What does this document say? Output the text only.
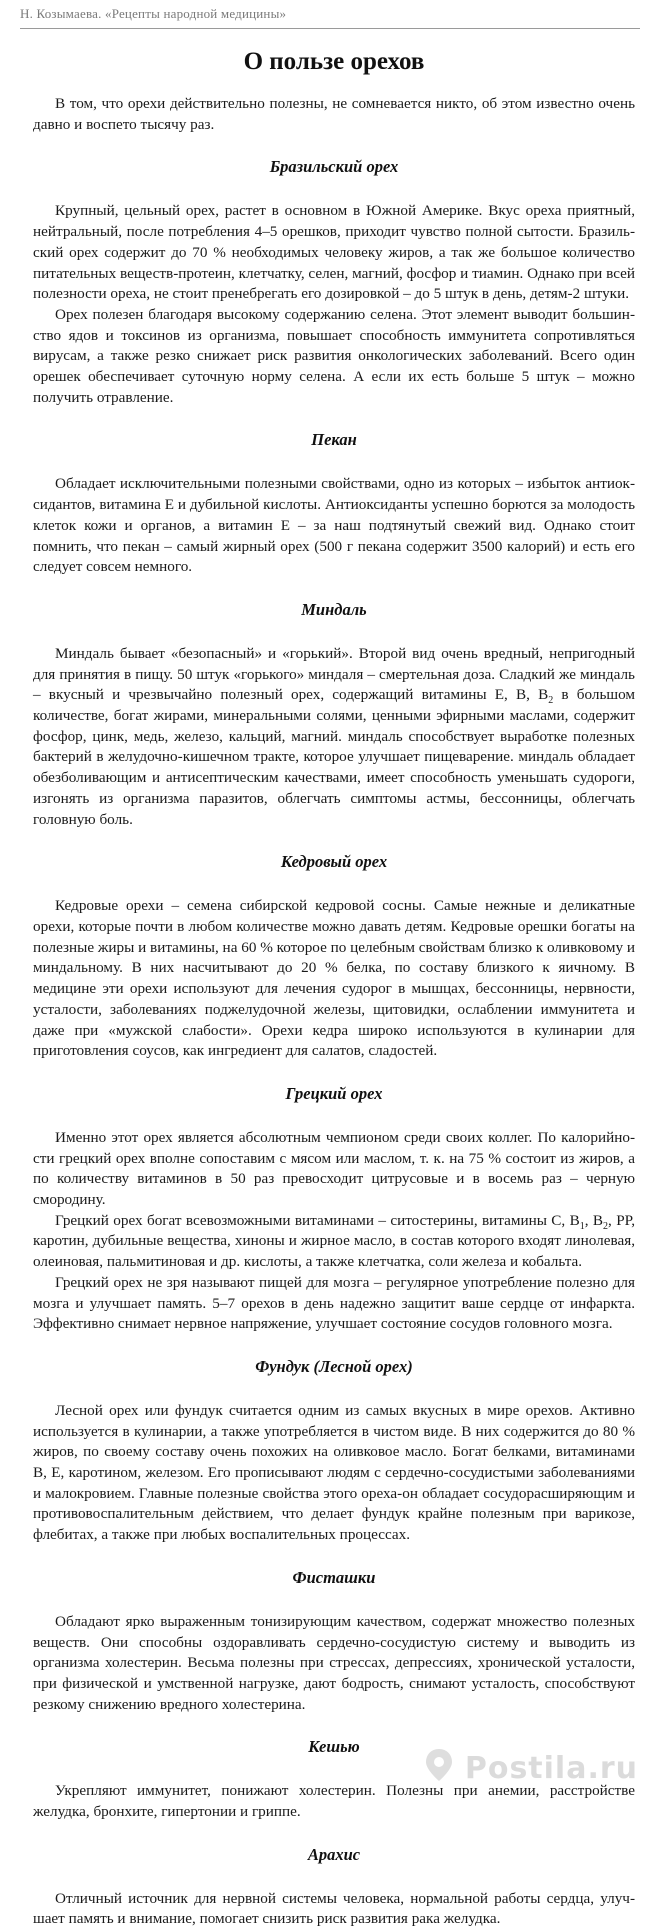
Н. Козымаева. «Рецепты народной медицины»
О пользе орехов

В том, что орехи действительно полезны, не сомневается никто, об этом известно очень давно и воспето тысячу раз.

Бразильский орех

Крупный, цельный орех, растет в основном в Южной Америке. Вкус ореха приятный, нейтральный, после потребления 4–5 орешков, приходит чувство полной сытости. Бразильский орех содержит до 70 % необходимых человеку жиров, а так же большое количество питательных веществ-протеин, клетчатку, селен, магний, фосфор и тиамин. Однако при всей полезности ореха, не стоит пренебрегать его дозировкой – до 5 штук в день, детям-2 штуки.

Орех полезен благодаря высокому содержанию селена. Этот элемент выводит большинство ядов и токсинов из организма, повышает способность иммунитета сопротивляться вирусам, а также резко снижает риск развития онкологических заболеваний. Всего один орешек обеспечивает суточную норму селена. А если их есть больше 5 штук – можно получить отравление.

Пекан

Обладает исключительными полезными свойствами, одно из которых – избыток антиоксидантов, витамина Е и дубильной кислоты. Антиоксиданты успешно борются за молодость клеток кожи и органов, а витамин Е – за наш подтянутый свежий вид. Однако стоит помнить, что пекан – самый жирный орех (500 г пекана содержит 3500 калорий) и есть его следует совсем немного.

Миндаль

Миндаль бывает «безопасный» и «горький». Второй вид очень вредный, непригодный для принятия в пищу. 50 штук «горького» миндаля – смертельная доза. Сладкий же миндаль – вкусный и чрезвычайно полезный орех, содержащий витамины Е, В, $В_2$ в большом количестве, богат жирами, минеральными солями, ценными эфирными маслами, содержит фосфор, цинк, медь, железо, кальций, магний. миндаль способствует выработке полезных бактерий в желудочно-кишечном тракте, которое улучшает пищеварение. миндаль обладает обезболивающим и антисептическим качествами, имеет способность уменьшать судороги, изгонять из организма паразитов, облегчать симптомы астмы, бессонницы, облегчать головную боль.

Кедровый орех

Кедровые орехи – семена сибирской кедровой сосны. Самые нежные и деликатные орехи, которые почти в любом количестве можно давать детям. Кедровые орешки богаты на полезные жиры и витамины, на 60 % которое по целебным свойствам близко к оливковому и миндальному. В них насчитывают до 20 % белка, по составу близкого к яичному. В медицине эти орехи используют для лечения судорог в мышцах, бессонницы, нервности, усталости, заболеваниях поджелудочной железы, щитовидки, ослаблении иммунитета и даже при «мужской слабости». Орехи кедра широко используются в кулинарии для приготовления соусов, как ингредиент для салатов, сладостей.

Грецкий орех

Именно этот орех является абсолютным чемпионом среди своих коллег. По калорийности грецкий орех вполне сопоставим с мясом или маслом, т. к. на 75 % состоит из жиров, а по количеству витаминов в 50 раз превосходит цитрусовые и в восемь раз – черную смородину.

Грецкий орех богат всевозможными витаминами – ситостерины, витамины С, $В_1$, $В_2$, РР, каротин, дубильные вещества, хиноны и жирное масло, в состав которого входят линолевая, олеиновая, пальмитиновая и др. кислоты, а также клетчатка, соли железа и кобальта.

Грецкий орех не зря называют пищей для мозга – регулярное употребление полезно для мозга и улучшает память. 5–7 орехов в день надежно защитит ваше сердце от инфаркта. Эффективно снимает нервное напряжение, улучшает состояние сосудов головного мозга.

Фундук (Лесной орех)

Лесной орех или фундук считается одним из самых вкусных в мире орехов. Активно используется в кулинарии, а также употребляется в чистом виде. В них содержится до 80 % жиров, по своему составу очень похожих на оливковое масло. Богат белками, витаминами В, Е, каротином, железом. Его прописывают людям с сердечно-сосудистыми заболеваниями и малокровием. Главные полезные свойства этого ореха-он обладает сосудорасширяющим и противовоспалительным действием, что делает фундук крайне полезным при варикозе, флебитах, а также при любых воспалительных процессах.

Фисташки

Обладают ярко выраженным тонизирующим качеством, содержат множество полезных веществ. Они способны оздоравливать сердечно-сосудистую систему и выводить из организма холестерин. Весьма полезны при стрессах, депрессиях, хронической усталости, при физической и умственной нагрузке, дают бодрость, снимают усталость, способствуют резкому снижению вредного холестерина.

Кешью

Укрепляют иммунитет, понижают холестерин. Полезны при анемии, расстройстве желудка, бронхите, гипертонии и гриппе.

Арахис

Отличный источник для нервной системы человека, нормальной работы сердца, улучшает память и внимание, помогает снизить риск развития рака желудка.

Postila.ru
